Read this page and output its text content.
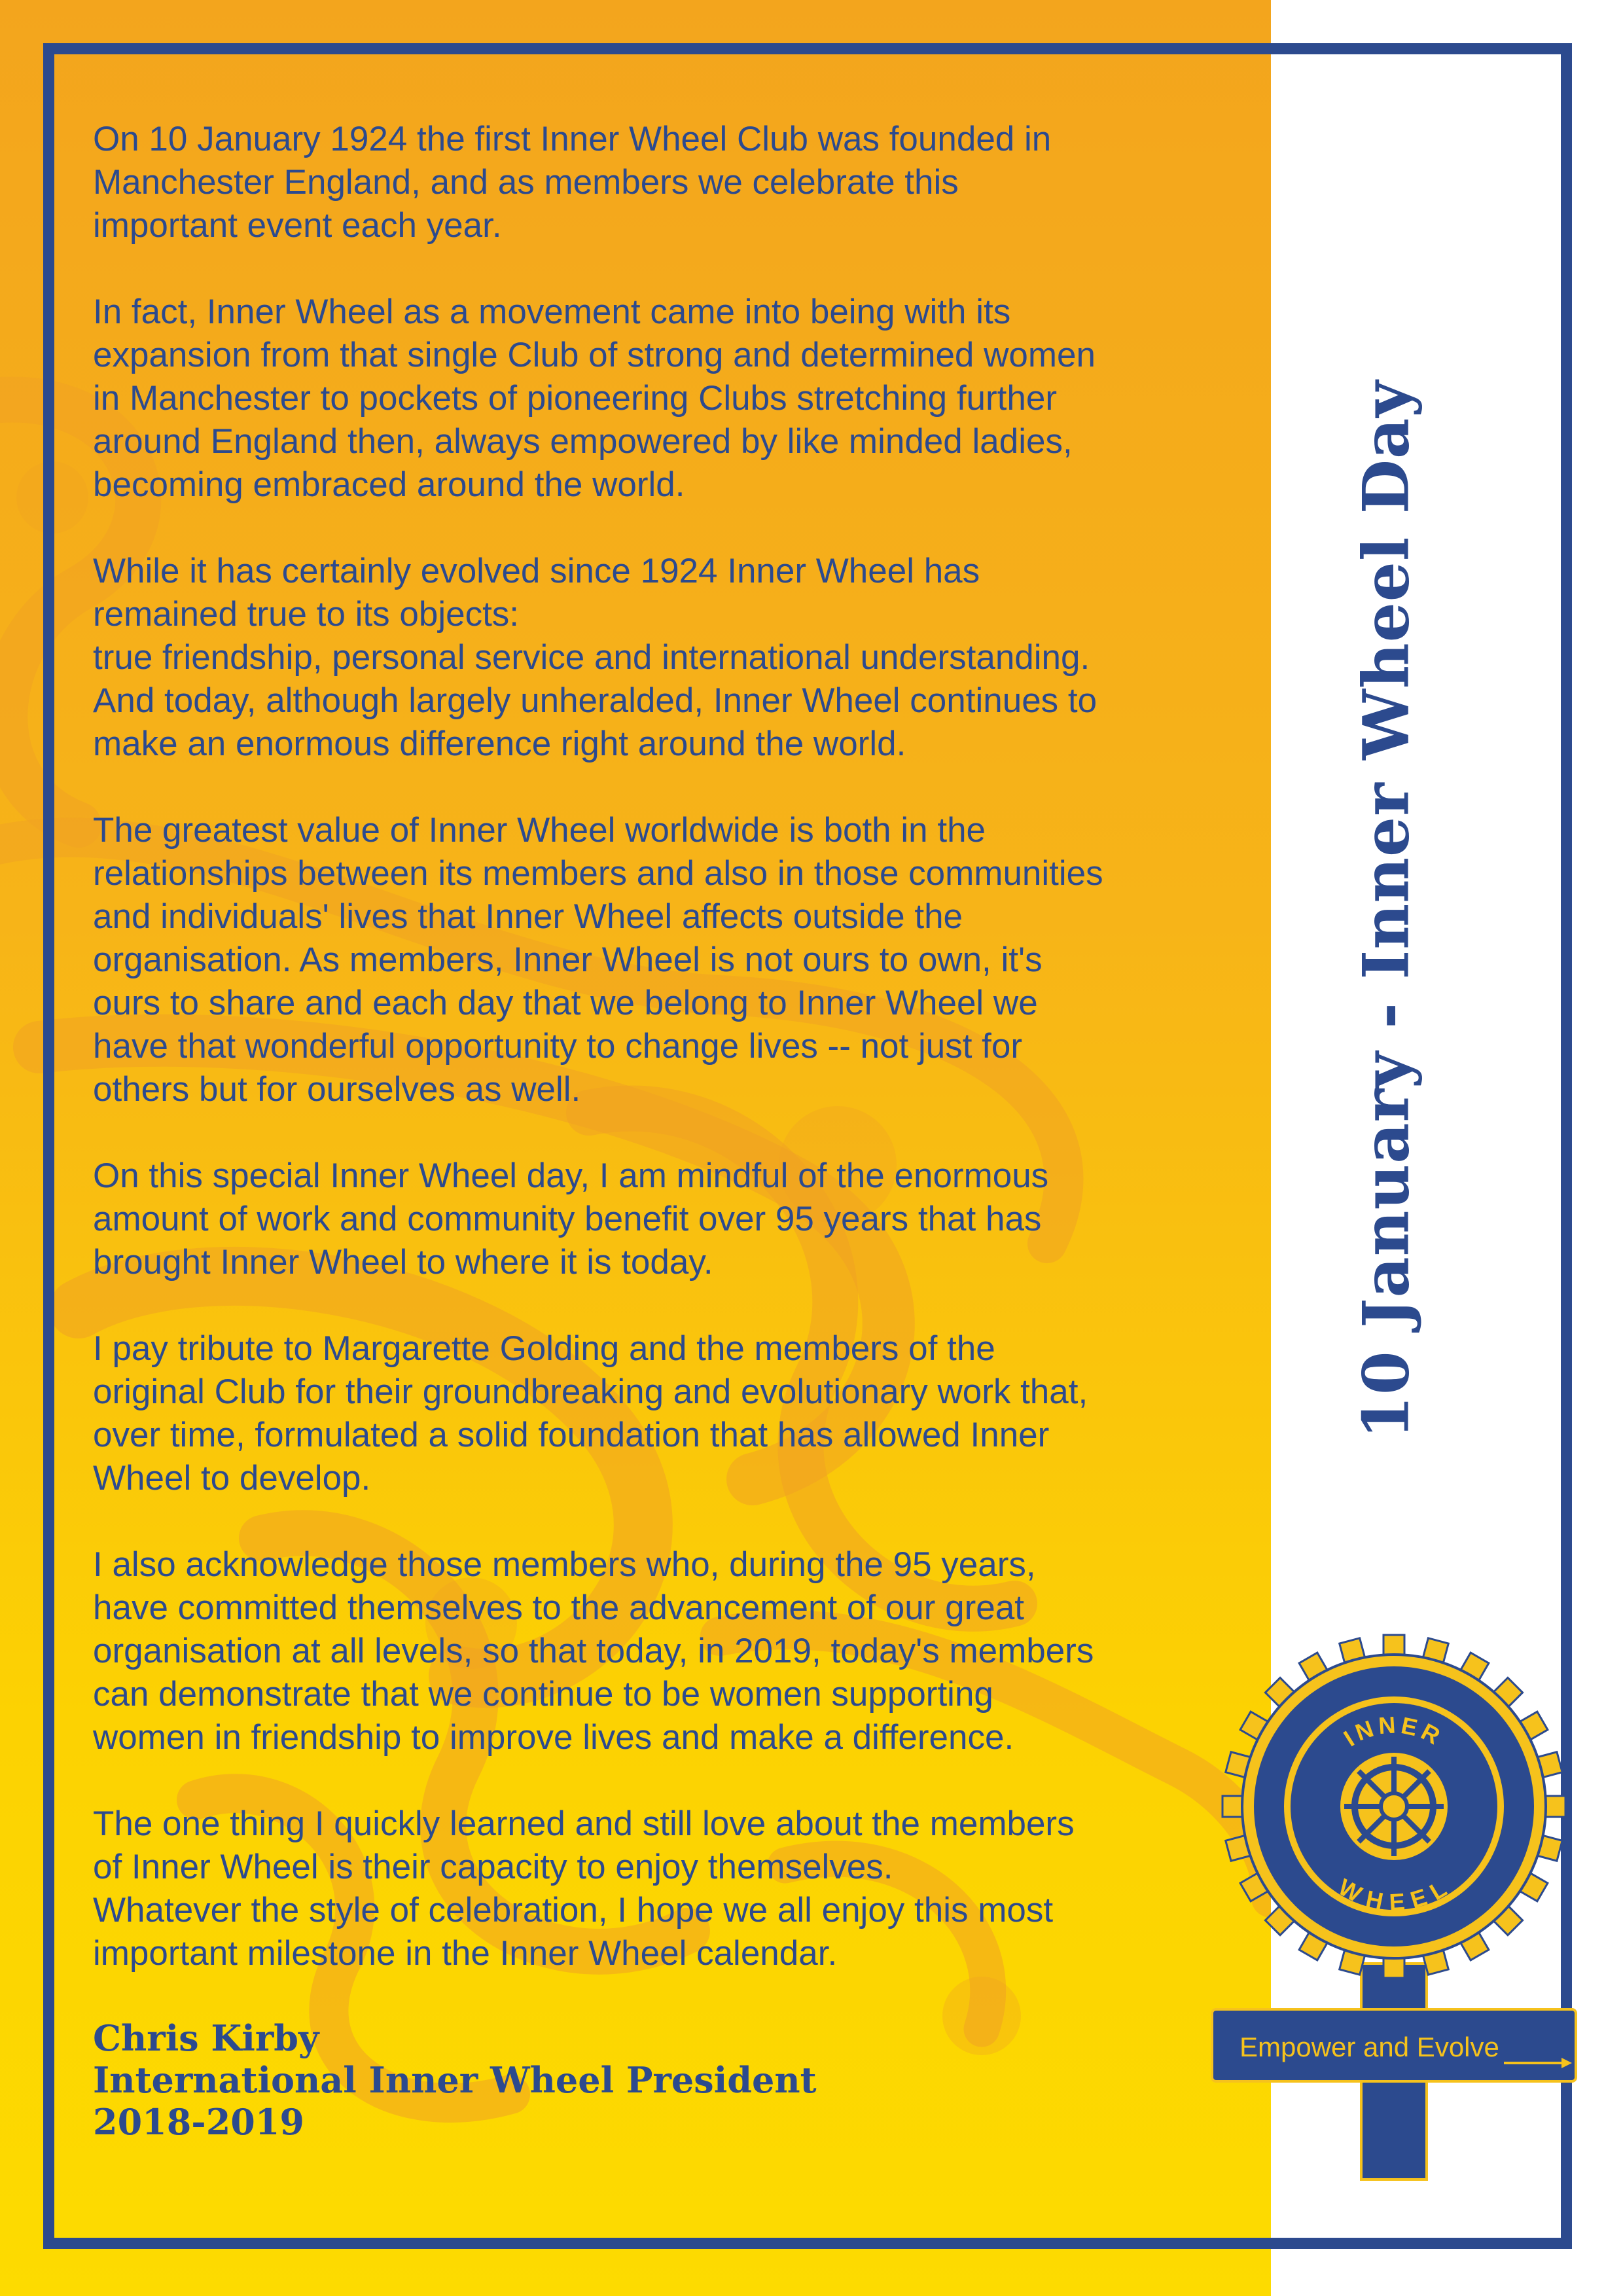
On 10 January 1924 the first Inner Wheel Club was founded in
Manchester England, and as members we celebrate this
important event each year.

In fact, Inner Wheel as a movement came into being with its
expansion from that single Club of strong and determined women
in Manchester to pockets of pioneering Clubs stretching further
around England then, always empowered by like minded ladies,
becoming embraced around the world.

While it has certainly evolved since 1924 Inner Wheel has
remained true to its objects:
true friendship, personal service and international understanding.
And today, although largely unheralded, Inner Wheel continues to
make an enormous difference right around the world.

The greatest value of Inner Wheel worldwide is both in the
relationships between its members and also in those communities
and individuals' lives that Inner Wheel affects outside the
organisation. As members, Inner Wheel is not ours to own, it's
ours to share and each day that we belong to Inner Wheel we
have that wonderful opportunity to change lives -- not just for
others but for ourselves as well.

On this special Inner Wheel day, I am mindful of the enormous
amount of work and community benefit over 95 years that has
brought Inner Wheel to where it is today.

I pay tribute to Margarette Golding and the members of the
original Club for their groundbreaking and evolutionary work that,
over time, formulated a solid foundation that has allowed Inner
Wheel to develop.

I also acknowledge those members who, during the 95 years,
have committed themselves to the advancement of our great
organisation at all levels, so that today, in 2019, today's members
can demonstrate that we continue to be women supporting
women in friendship to improve lives and make a difference.

The one thing I quickly learned and still love about the members
of Inner Wheel is their capacity to enjoy themselves.
Whatever the style of celebration, I hope we all enjoy this most
important milestone in the Inner Wheel calendar.

Chris Kirby
International Inner Wheel President
2018-2019
10 January - Inner Wheel Day
INNER
WHEEL
Empower and Evolve
